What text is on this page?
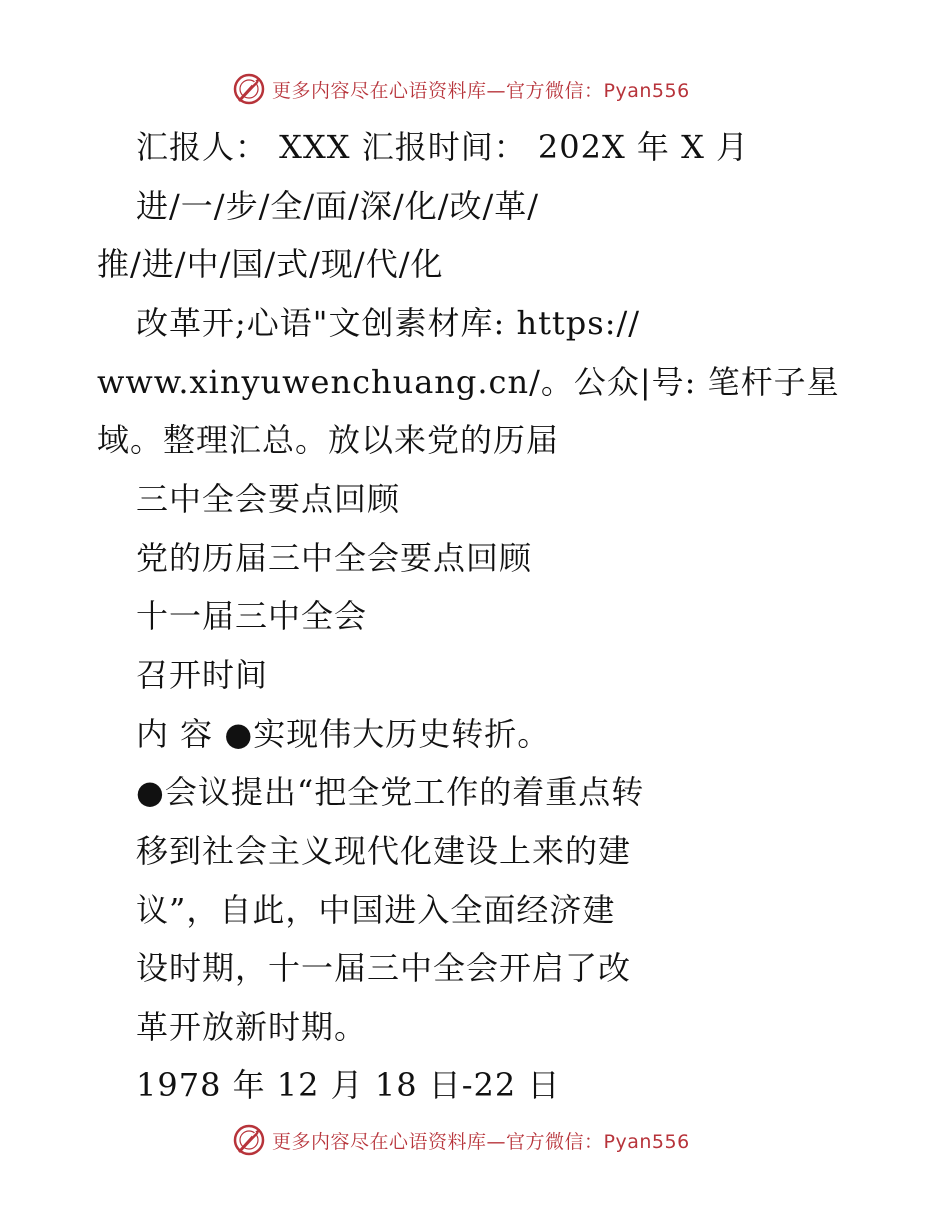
更多内容尽在心语资料库—官方微信：Pyan556
汇报人： XXX 汇报时间： 202X 年 X 月
进/一/步/全/面/深/化/改/革/
推/进/中/国/式/现/代/化
改革开;心语"文创素材库: https://
www.xinyuwenchuang.cn/。公众|号: 笔杆子星
域。整理汇总。放以来党的历届
三中全会要点回顾
党的历届三中全会要点回顾
十一届三中全会
召开时间
内 容 ●实现伟大历史转折。
●会议提出“把全党工作的着重点转
移到社会主义现代化建设上来的建
议”，自此，中国进入全面经济建
设时期，十一届三中全会开启了改
革开放新时期。
1978 年 12 月 18 日-22 日
更多内容尽在心语资料库—官方微信：Pyan556
